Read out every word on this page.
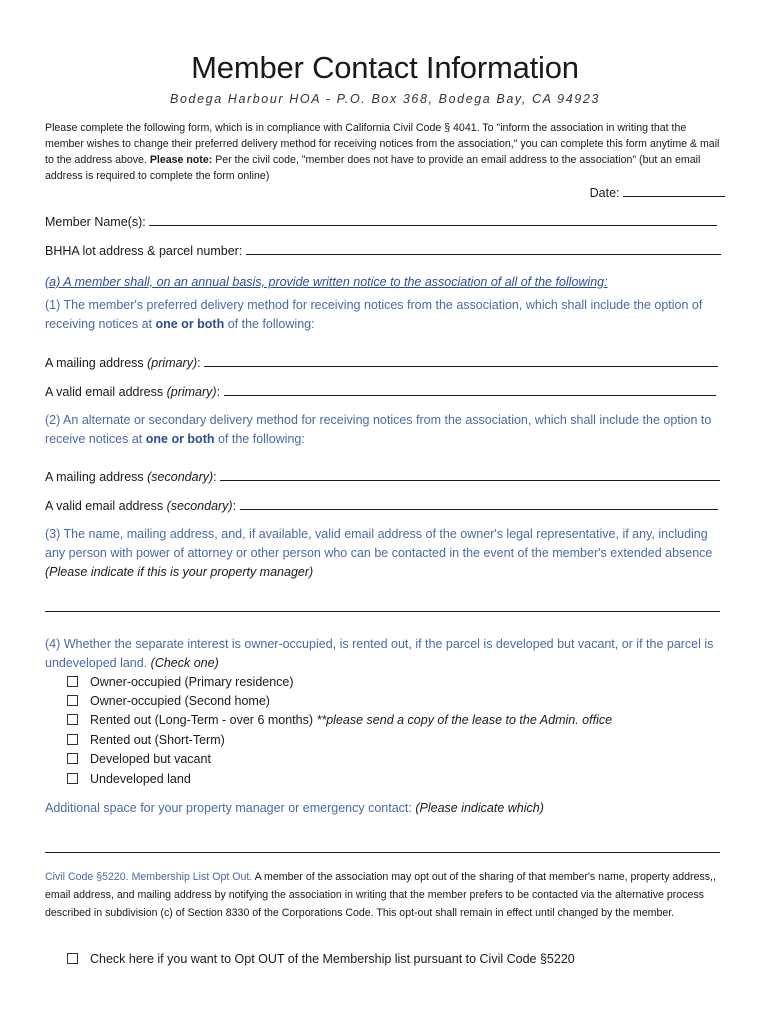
Member Contact Information
Bodega Harbour HOA - P.O. Box 368, Bodega Bay, CA 94923
Please complete the following form, which is in compliance with California Civil Code § 4041. To "inform the association in writing that the member wishes to change their preferred delivery method for receiving notices from the association," you can complete this form anytime & mail to the address above. Please note: Per the civil code, "member does not have to provide an email address to the association" (but an email address is required to complete the form online)
Date:
Member Name(s):
BHHA lot address & parcel number:
(a) A member shall, on an annual basis, provide written notice to the association of all of the following:
(1) The member's preferred delivery method for receiving notices from the association, which shall include the option of receiving notices at one or both of the following:
A mailing address (primary):
A valid email address (primary):
(2) An alternate or secondary delivery method for receiving notices from the association, which shall include the option to receive notices at one or both of the following:
A mailing address (secondary):
A valid email address (secondary):
(3) The name, mailing address, and, if available, valid email address of the owner's legal representative, if any, including any person with power of attorney or other person who can be contacted in the event of the member's extended absence (Please indicate if this is your property manager)
(4) Whether the separate interest is owner-occupied, is rented out, if the parcel is developed but vacant, or if the parcel is undeveloped land. (Check one)
Owner-occupied (Primary residence)
Owner-occupied (Second home)
Rented out (Long-Term - over 6 months) **please send a copy of the lease to the Admin. office
Rented out (Short-Term)
Developed but vacant
Undeveloped land
Additional space for your property manager or emergency contact: (Please indicate which)
Civil Code §5220. Membership List Opt Out. A member of the association may opt out of the sharing of that member's name, property address,, email address, and mailing address by notifying the association in writing that the member prefers to be contacted via the alternative process described in subdivision (c) of Section 8330 of the Corporations Code. This opt-out shall remain in effect until changed by the member.
Check here if you want to Opt OUT of the Membership list pursuant to Civil Code §5220
